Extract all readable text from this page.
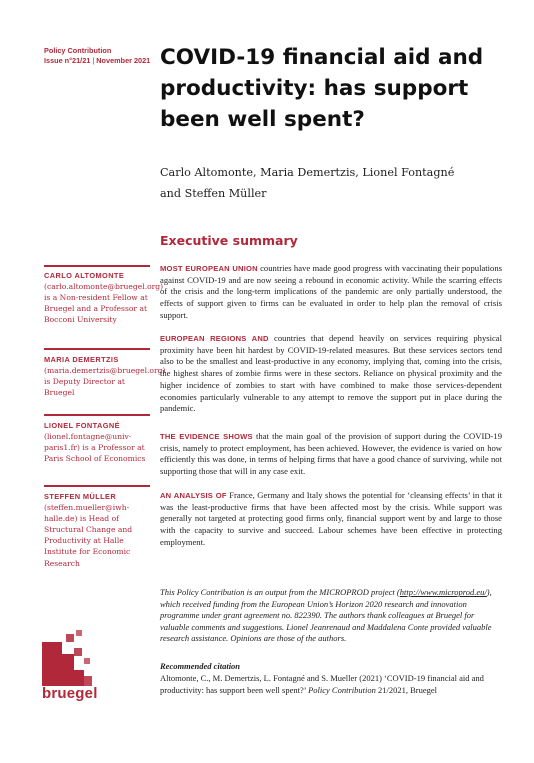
Policy Contribution
Issue n°21/21 | November 2021 COVID-19 financial aid and productivity: has support been well spent?
Carlo Altomonte, Maria Demertzis, Lionel Fontagné
and Steffen Müller
Executive summary
CARLO ALTOMONTE (carlo.altomonte@bruegel.org) is a Non-resident Fellow at Bruegel and a Professor at Bocconi University
MARIA DEMERTZIS (maria.demertzis@bruegel.org) is Deputy Director at Bruegel
LIONEL FONTAGNÉ (lionel.fontagne@univ-paris1.fr) is a Professor at Paris School of Economics
STEFFEN MÜLLER (steffen.mueller@iwh-halle.de) is Head of Structural Change and Productivity at Halle Institute for Economic Research
MOST EUROPEAN UNION countries have made good progress with vaccinating their populations against COVID-19 and are now seeing a rebound in economic activity. While the scarring effects of the crisis and the long-term implications of the pandemic are only partially understood, the effects of support given to firms can be evaluated in order to help plan the removal of crisis support.
EUROPEAN REGIONS AND countries that depend heavily on services requiring physical proximity have been hit hardest by COVID-19-related measures. But these services sectors tend also to be the smallest and least-productive in any economy, implying that, coming into the crisis, the highest shares of zombie firms were in these sectors. Reliance on physical proximity and the higher incidence of zombies to start with have combined to make those services-dependent economies particularly vulnerable to any attempt to remove the support put in place during the pandemic.
THE EVIDENCE SHOWS that the main goal of the provision of support during the COVID-19 crisis, namely to protect employment, has been achieved. However, the evidence is varied on how efficiently this was done, in terms of helping firms that have a good chance of surviving, while not supporting those that will in any case exit.
AN ANALYSIS OF France, Germany and Italy shows the potential for ‘cleansing effects’ in that it was the least-productive firms that have been affected most by the crisis. While support was generally not targeted at protecting good firms only, financial support went by and large to those with the capacity to survive and succeed. Labour schemes have been effective in protecting employment.
This Policy Contribution is an output from the MICROPROD project (http://www.microprod.eu/), which received funding from the European Union’s Horizon 2020 research and innovation programme under grant agreement no. 822390. The authors thank colleagues at Bruegel for valuable comments and suggestions. Lionel Jeanrenaud and Maddalena Conte provided valuable research assistance. Opinions are those of the authors.
Recommended citation
Altomonte, C., M. Demertzis, L. Fontagné and S. Mueller (2021) ‘COVID-19 financial aid and productivity: has support been well spent?’ Policy Contribution 21/2021, Bruegel
bruegel
